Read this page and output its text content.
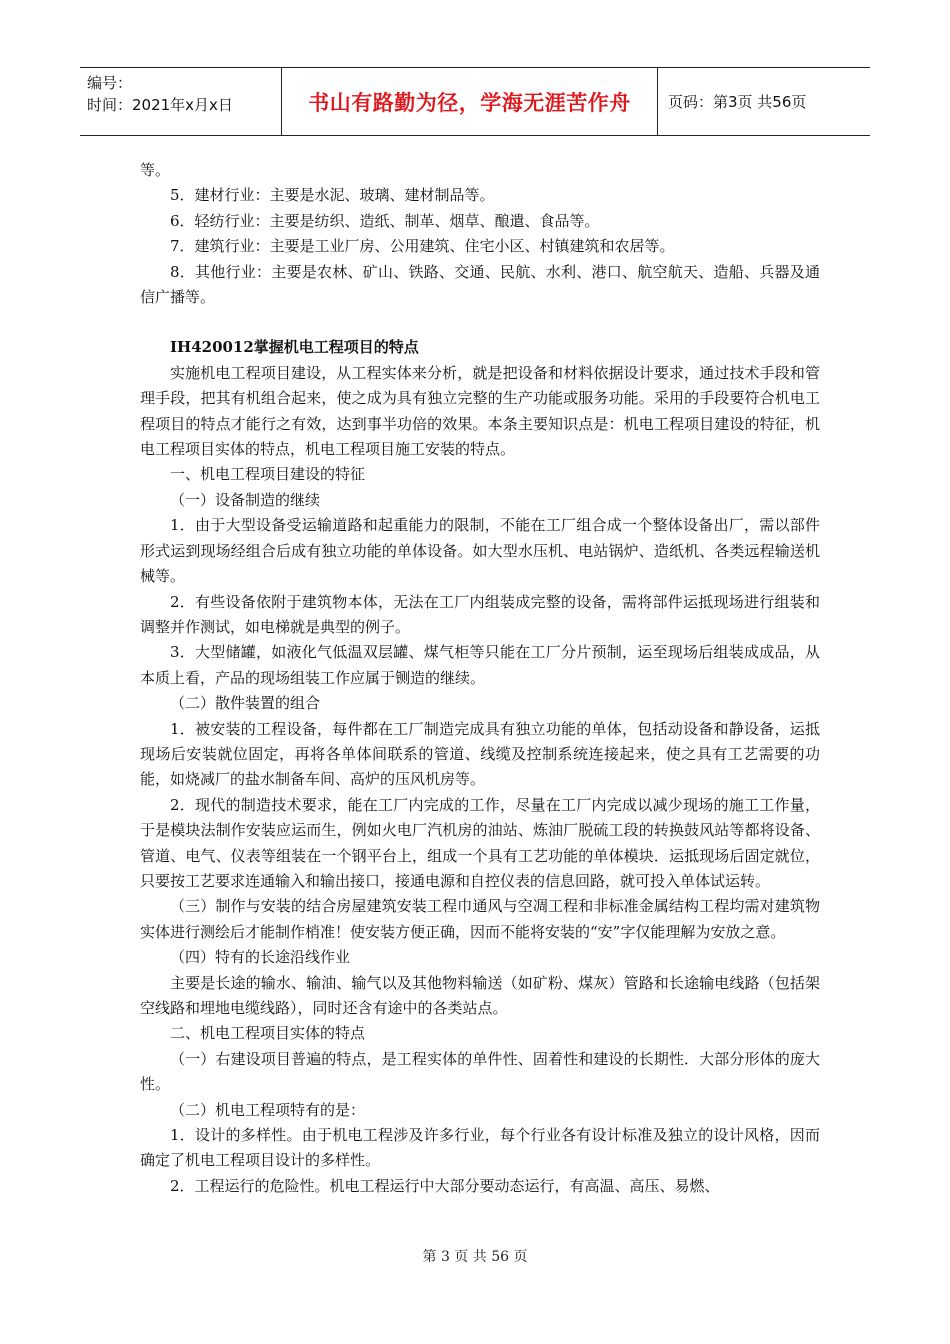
编号：
时间：2021年x月x日	书山有路勤为径，学海无涯苦作舟	页码：第3页 共56页

等。

5．建材行业：主要是水泥、玻璃、建材制品等。

6．轻纺行业：主要是纺织、造纸、制革、烟草、酿遣、食品等。

7．建筑行业：主要是工业厂房、公用建筑、住宅小区、村镇建筑和农居等。

8．其他行业：主要是农林、矿山、铁路、交通、民航、水利、港口、航空航天、造船、兵器及通信广播等。

IH420012掌握机电工程项目的特点

实施机电工程项目建设，从工程实体来分析，就是把设备和材料依据设计要求，通过技术手段和管理手段，把其有机组合起来，使之成为具有独立完整的生产功能或服务功能。采用的手段要符合机电工程项目的特点才能行之有效，达到事半功倍的效果。本条主要知识点是：机电工程项目建设的特征，机电工程项目实体的特点，机电工程项目施工安装的特点。

一、机电工程项目建设的特征

（一）设备制造的继续

1．由于大型设备受运输道路和起重能力的限制，不能在工厂组合成一个整体设备出厂，需以部件形式运到现场经组合后成有独立功能的单体设备。如大型水压机、电站锅炉、造纸机、各类远程输送机械等。

2．有些设备依附于建筑物本体，无法在工厂内组装成完整的设备，需将部件运抵现场进行组装和调整并作测试，如电梯就是典型的例子。

3．大型储罐，如液化气低温双层罐、煤气柜等只能在工厂分片预制，运至现场后组装成成品，从本质上看，产品的现场组装工作应属于铡造的继续。

（二）散件装置的组合

1．被安装的工程设备，每件都在工厂制造完成具有独立功能的单体，包括动设备和静设备，运抵现场后安装就位固定，再将各单体间联系的管道、线缆及控制系统连接起来，使之具有工艺需要的功能，如烧减厂的盐水制备车间、高炉的压风机房等。

2．现代的制造技术要求，能在工厂内完成的工作，尽量在工厂内完成以减少现场的施工工作量，于是模块法制作安装应运而生，例如火电厂汽机房的油站、炼油厂脱硫工段的转换鼓风站等都将设备、管道、电气、仪表等组装在一个钢平台上，组成一个具有工艺功能的单体模块．运抵现场后固定就位，只要按工艺要求连通输入和输出接口，接通电源和自控仪表的信息回路，就可投入单体试运转。

（三）制作与安装的结合房屋建筑安装工程巾通风与空凋工程和非标准金属结构工程均需对建筑物实体进行测绘后才能制作梢准！使安装方便正确，因而不能将安装的“安”字仅能理解为安放之意。

（四）特有的长途沿线作业

主要是长途的输水、输油、输气以及其他物料输送（如矿粉、煤灰）管路和长途输电线路（包括架空线路和埋地电缆线路），同时还含有途中的各类站点。

二、机电工程项目实体的特点

（一）右建设项目普遍的特点，是工程实体的单件性、固着性和建设的长期性．大部分形体的庞大性。

（二）机电工程项特有的是：

1．设计的多样性。由于机电工程涉及许多行业，每个行业各有设计标准及独立的设计风格，因而确定了机电工程项目设计的多样性。

2．工程运行的危险性。机电工程运行中大部分要动态运行，有高温、高压、易燃、

第 3 页 共 56 页
